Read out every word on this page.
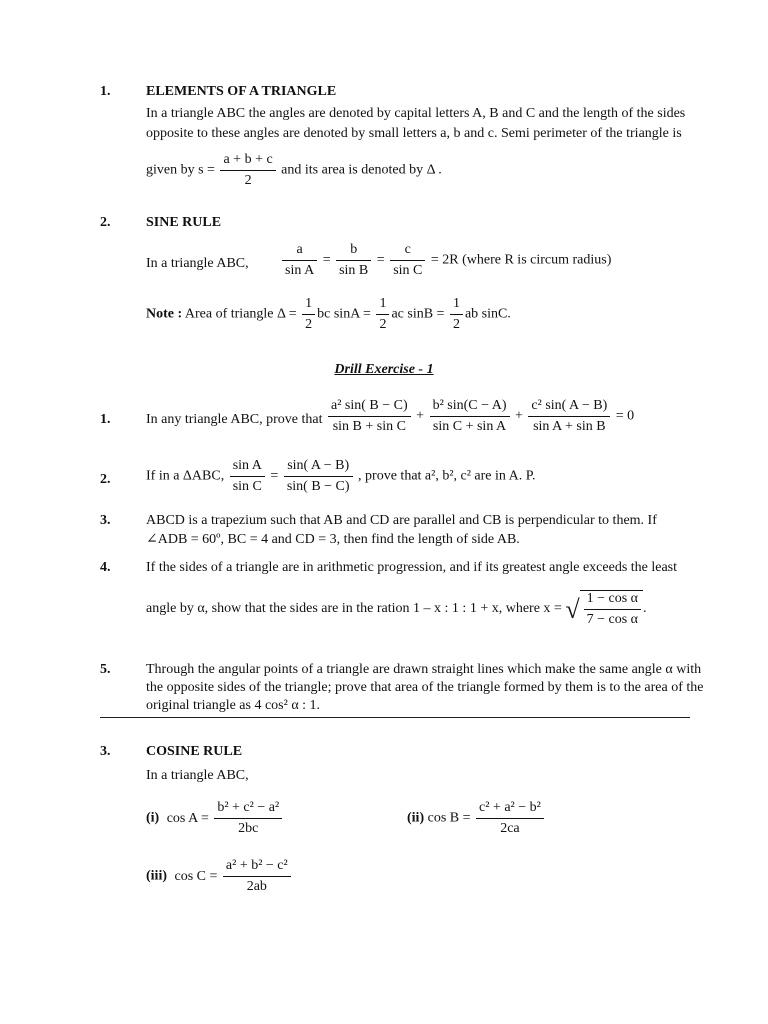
1.	ELEMENTS OF A TRIANGLE
In a triangle ABC the angles are denoted by capital letters A, B and C and the length of the sides
opposite to these angles are denoted by small letters a, b and c. Semi perimeter of the triangle is
given by $s = \frac{a + b + c}{2}$ and its area is denoted by Δ .
2.	SINE RULE
In a triangle ABC, $\frac{a}{\text{sin A}} = \frac{b}{\text{sin B}} = \frac{c}{\text{sin C}} = 2R$ (where R is circum radius)
Note : Area of triangle $\Delta = \frac{1}{2}$ bc $\sin A = \frac{1}{2}$ ac $\sin B = \frac{1}{2}$ ab sinC.
Drill Exercise - 1
1.	In any triangle ABC, prove that $\frac{\text{a² sin( B − C)}}{\text{sin B + sin C}} + \frac{\text{b² sin(C − A)}}{\text{sin C + sin A}} + \frac{\text{c² sin( A − B)}}{\text{sin A + sin B}} = 0$
2.	If in a ΔABC, $\frac{\text{sin A}}{\text{sin C}} = \frac{\sin( A - B)}{\sin( B - C)}$ , prove that a², b², c² are in A. P.
3.	ABCD is a trapezium such that AB and CD are parallel and CB is perpendicular to them. If
∠ADB = 60º, BC = 4 and CD = 3, then find the length of side AB.
4.	If the sides of a triangle are in arithmetic progression, and if its greatest angle exceeds the least
angle by α, show that the sides are in the ration 1 – x : 1 : 1 + x, where x = √ $\frac{\text{1 − cos α}}{\text{7 − cos α}}$ .
5.	Through the angular points of a triangle are drawn straight lines which make the same angle α with
the opposite sides of the triangle; prove that area of the triangle formed by them is to the area of the
original triangle as 4 cos² α : 1.
3.	COSINE RULE
In a triangle ABC,
(i) $\cos A = \frac{\text{b² + c² − a²}}{2bc}$	(ii) $\cos B = \frac{\text{c² + a² − b²}}{2ca}$
(iii) $\cos C = \frac{\text{a² + b² − c²}}{2ab}$
